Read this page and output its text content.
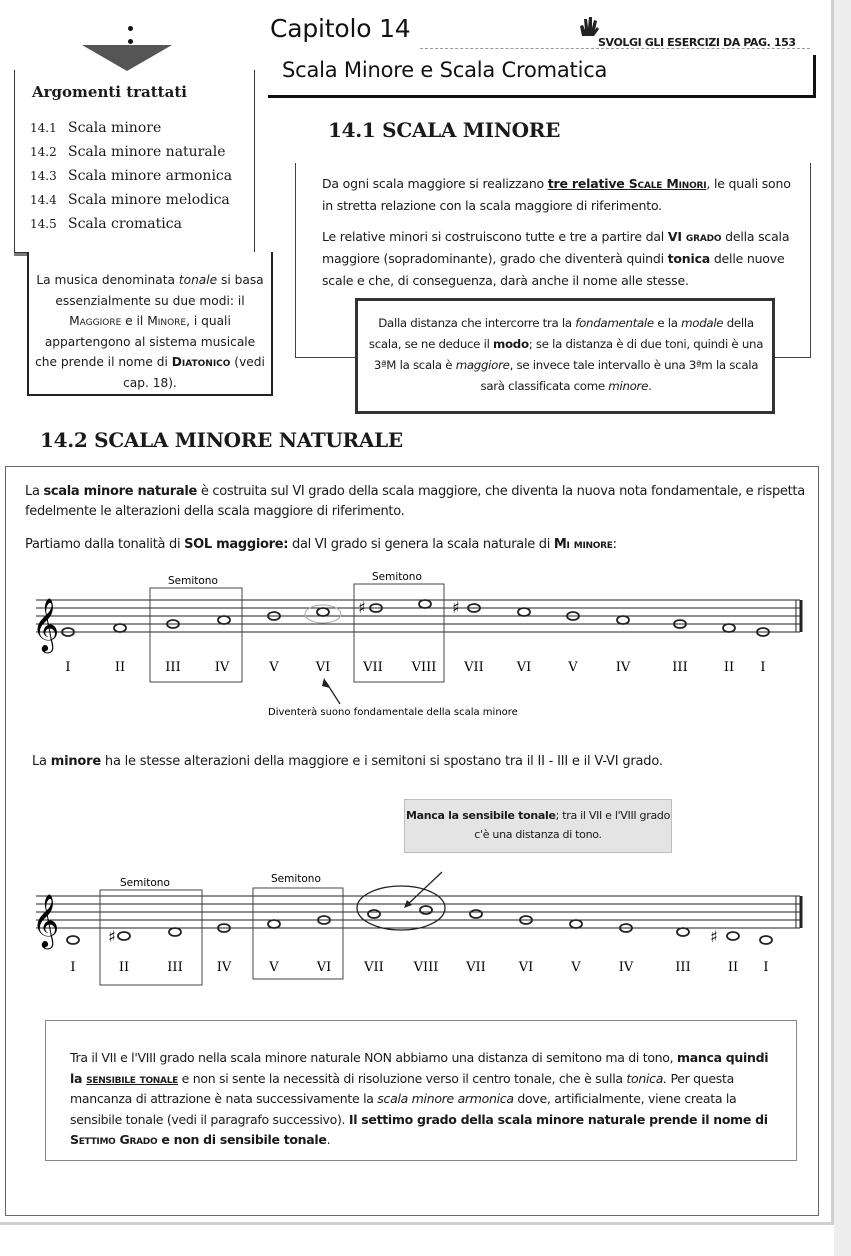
Capitolo 14	SVOLGI GLI ESERCIZI DA PAG. 153
Scala Minore e Scala Cromatica
Argomenti trattati
14.1 Scala minore
14.2 Scala minore naturale
14.3 Scala minore armonica
14.4 Scala minore melodica
14.5 Scala cromatica
La musica denominata tonale si basa essenzialmente su due modi: il Maggiore e il Minore, i quali appartengono al sistema musicale che prende il nome di Diatonico (vedi cap. 18).
14.1 SCALA MINORE
Da ogni scala maggiore si realizzano tre relative Scale Minori, le quali sono in stretta relazione con la scala maggiore di riferimento.
Le relative minori si costruiscono tutte e tre a partire dal VI grado della scala maggiore (sopradominante), grado che diventerà quindi tonica delle nuove scale e che, di conseguenza, darà anche il nome alle stesse.
Dalla distanza che intercorre tra la fondamentale e la modale della scala, se ne deduce il modo; se la distanza è di due toni, quindi è una 3ªM la scala è maggiore, se invece tale intervallo è una 3ªm la scala sarà classificata come minore.
14.2 SCALA MINORE NATURALE
La scala minore naturale è costruita sul VI grado della scala maggiore, che diventa la nuova nota fondamentale, e rispetta fedelmente le alterazioni della scala maggiore di riferimento.
Partiamo dalla tonalità di SOL maggiore: dal VI grado si genera la scala naturale di Mi minore:
𝄞
Semitono	Semitono
♯	♯
I	II	III	IV	V	VI	VII VIII VII	VI	V	IV	III	II I
Diventerà suono fondamentale della scala minore
La minore ha le stesse alterazioni della maggiore e i semitoni si spostano tra il II - III e il V-VI grado.
Manca la sensibile tonale; tra il VII e l'VIII grado c'è una distanza di tono.
𝄞
Semitono	Semitono
♯	♯
I	II	III	IV	V	VI	VII VIII VII	VI	V	IV	III	II I
Tra il VII e l'VIII grado nella scala minore naturale NON abbiamo una distanza di semitono ma di tono, manca quindi la sensibile tonale e non si sente la necessità di risoluzione verso il centro tonale, che è sulla tonica. Per questa mancanza di attrazione è nata successivamente la scala minore armonica dove, artificialmente, viene creata la sensibile tonale (vedi il paragrafo successivo). Il settimo grado della scala minore naturale prende il nome di Settimo Grado e non di sensibile tonale.
